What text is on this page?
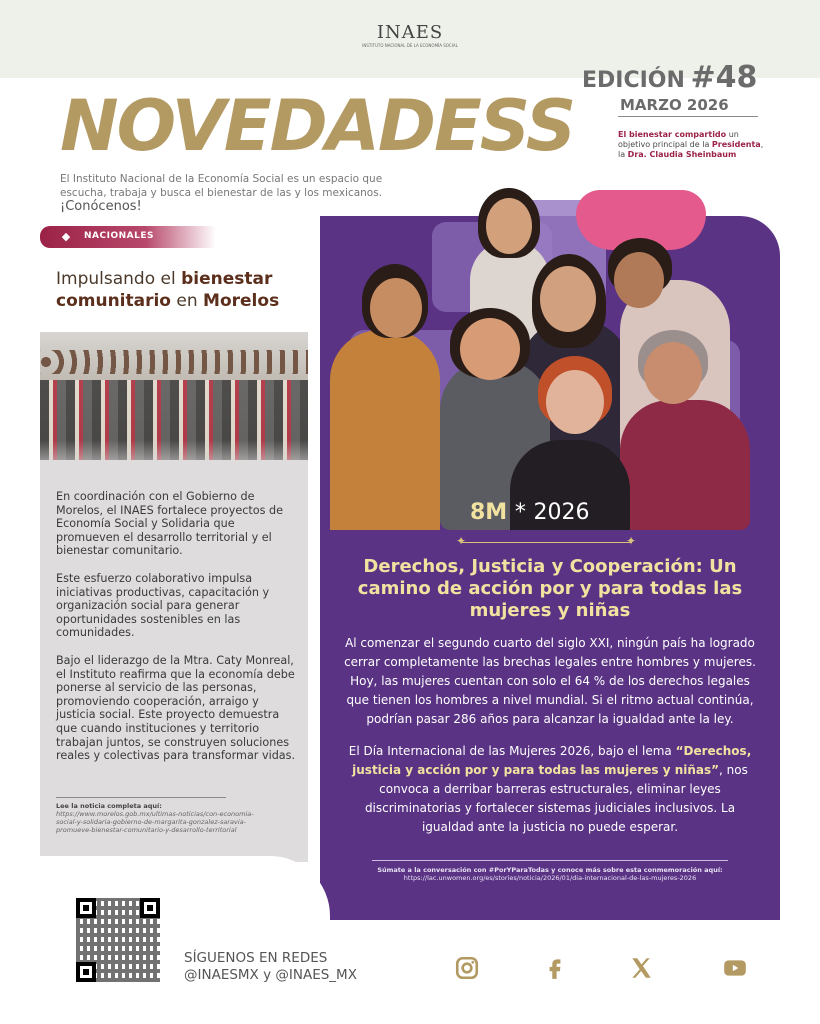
INAES
INSTITUTO NACIONAL DE LA ECONOMÍA SOCIAL
EDICIÓN #48
MARZO 2026
NOVEDADESS	El bienestar compartido un objetivo principal de la Presidenta, la Dra. Claudia Sheinbaum
El Instituto Nacional de la Economía Social es un espacio que escucha, trabaja y busca el bienestar de las y los mexicanos. ¡Conócenos!
◆	NACIONALES
Impulsando el bienestar comunitario en Morelos

En coordinación con el Gobierno de Morelos, el INAES fortalece proyectos de Economía Social y Solidaria que promueven el desarrollo territorial y el bienestar comunitario.

Este esfuerzo colaborativo impulsa iniciativas productivas, capacitación y organización social para generar oportunidades sostenibles en las comunidades.

Bajo el liderazgo de la Mtra. Caty Monreal, el Instituto reafirma que la economía debe ponerse al servicio de las personas, promoviendo cooperación, arraigo y justicia social. Este proyecto demuestra que cuando instituciones y territorio trabajan juntos, se construyen soluciones reales y colectivas para transformar vidas.

Lee la noticia completa aquí:
https://www.morelos.gob.mx/ultimas-noticias/con-economia-social-y-solidaria-gobierno-de-margarita-gonzalez-saravia-promueve-bienestar-comunitario-y-desarrollo-territorial
8M * 2026
✦	✦
Derechos, Justicia y Cooperación: Un camino de acción por y para todas las mujeres y niñas
Al comenzar el segundo cuarto del siglo XXI, ningún país ha logrado cerrar completamente las brechas legales entre hombres y mujeres. Hoy, las mujeres cuentan con solo el 64 % de los derechos legales que tienen los hombres a nivel mundial. Si el ritmo actual continúa, podrían pasar 286 años para alcanzar la igualdad ante la ley.
El Día Internacional de las Mujeres 2026, bajo el lema “Derechos, justicia y acción por y para todas las mujeres y niñas”, nos convoca a derribar barreras estructurales, eliminar leyes discriminatorias y fortalecer sistemas judiciales inclusivos. La igualdad ante la justicia no puede esperar.
Súmate a la conversación con #PorYParaTodas y conoce más sobre esta conmemoración aquí:
https://lac.unwomen.org/es/stories/noticia/2026/01/dia-internacional-de-las-mujeres-2026
SÍGUENOS EN REDES
@INAESMX y @INAES_MX
